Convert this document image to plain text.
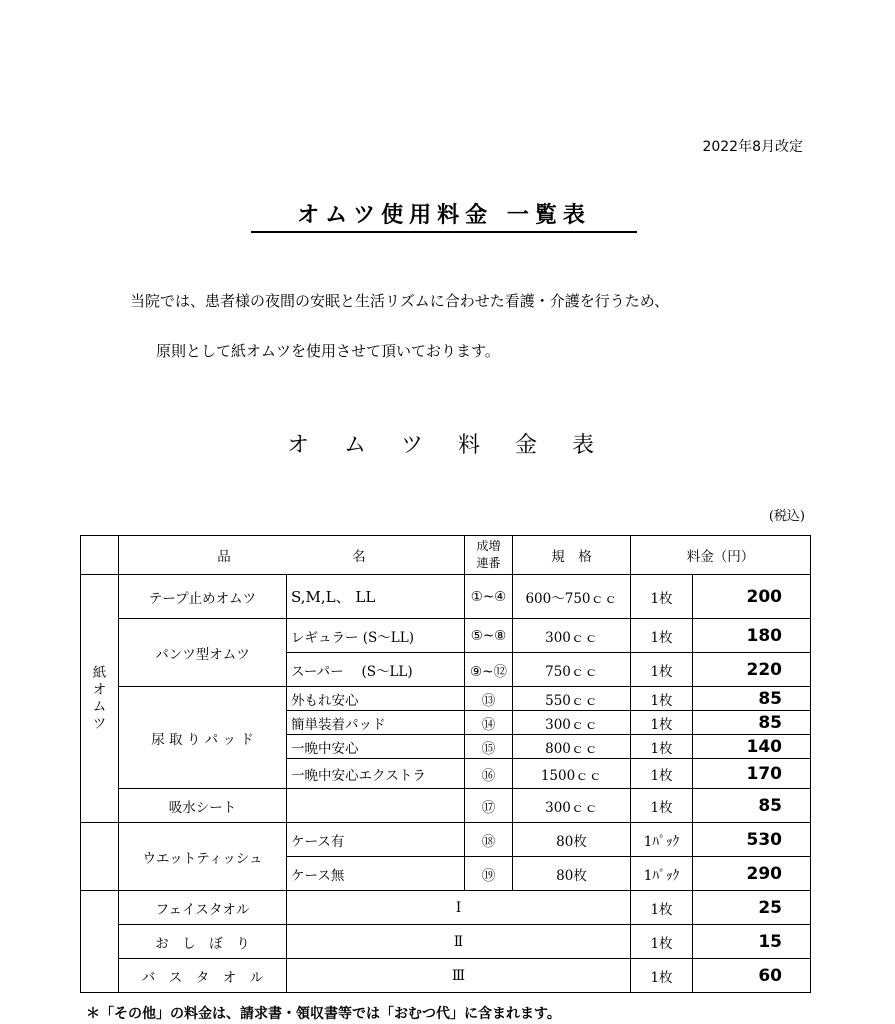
2022年8月改定
オムツ使用料金 一覧表
当院では、患者様の夜間の安眠と生活リズムに合わせた看護・介護を行うため、
原則として紙オムツを使用させて頂いております。
オ ム ツ 料 金 表
(税込)
	品　　　　　　　　　名		成増
連番	規　格	料金（円）	
紙
オ
ム
ツ	テープ止めオムツ	S,M,L、 LL	①~④	600～750ｃｃ	1枚	200
	パンツ型オムツ	レギュラー (S～LL)	⑤~⑧	300ｃｃ	1枚	180
		スーパー　 (S～LL)	⑨~⑫	750ｃｃ	1枚	220
	尿 取 り パ ッ ド	外もれ安心	⑬	550ｃｃ	1枚	85
		簡単装着パッド	⑭	300ｃｃ	1枚	85
		一晩中安心	⑮	800ｃｃ	1枚	140
		一晩中安心エクストラ	⑯	1500ｃｃ	1枚	170
	吸水シート		⑰	300ｃｃ	1枚	85
	ウエットティッシュ	ケース有	⑱	80枚	1ﾊﾟｯｸ	530
		ケース無	⑲	80枚	1ﾊﾟｯｸ	290
	フェイスタオル	Ⅰ			1枚	25
	お　し　ぼ　り	Ⅱ			1枚	15
	バ　ス　タ　オ　ル	Ⅲ			1枚	60
＊「その他」の料金は、請求書・領収書等では「おむつ代」に含まれます。
